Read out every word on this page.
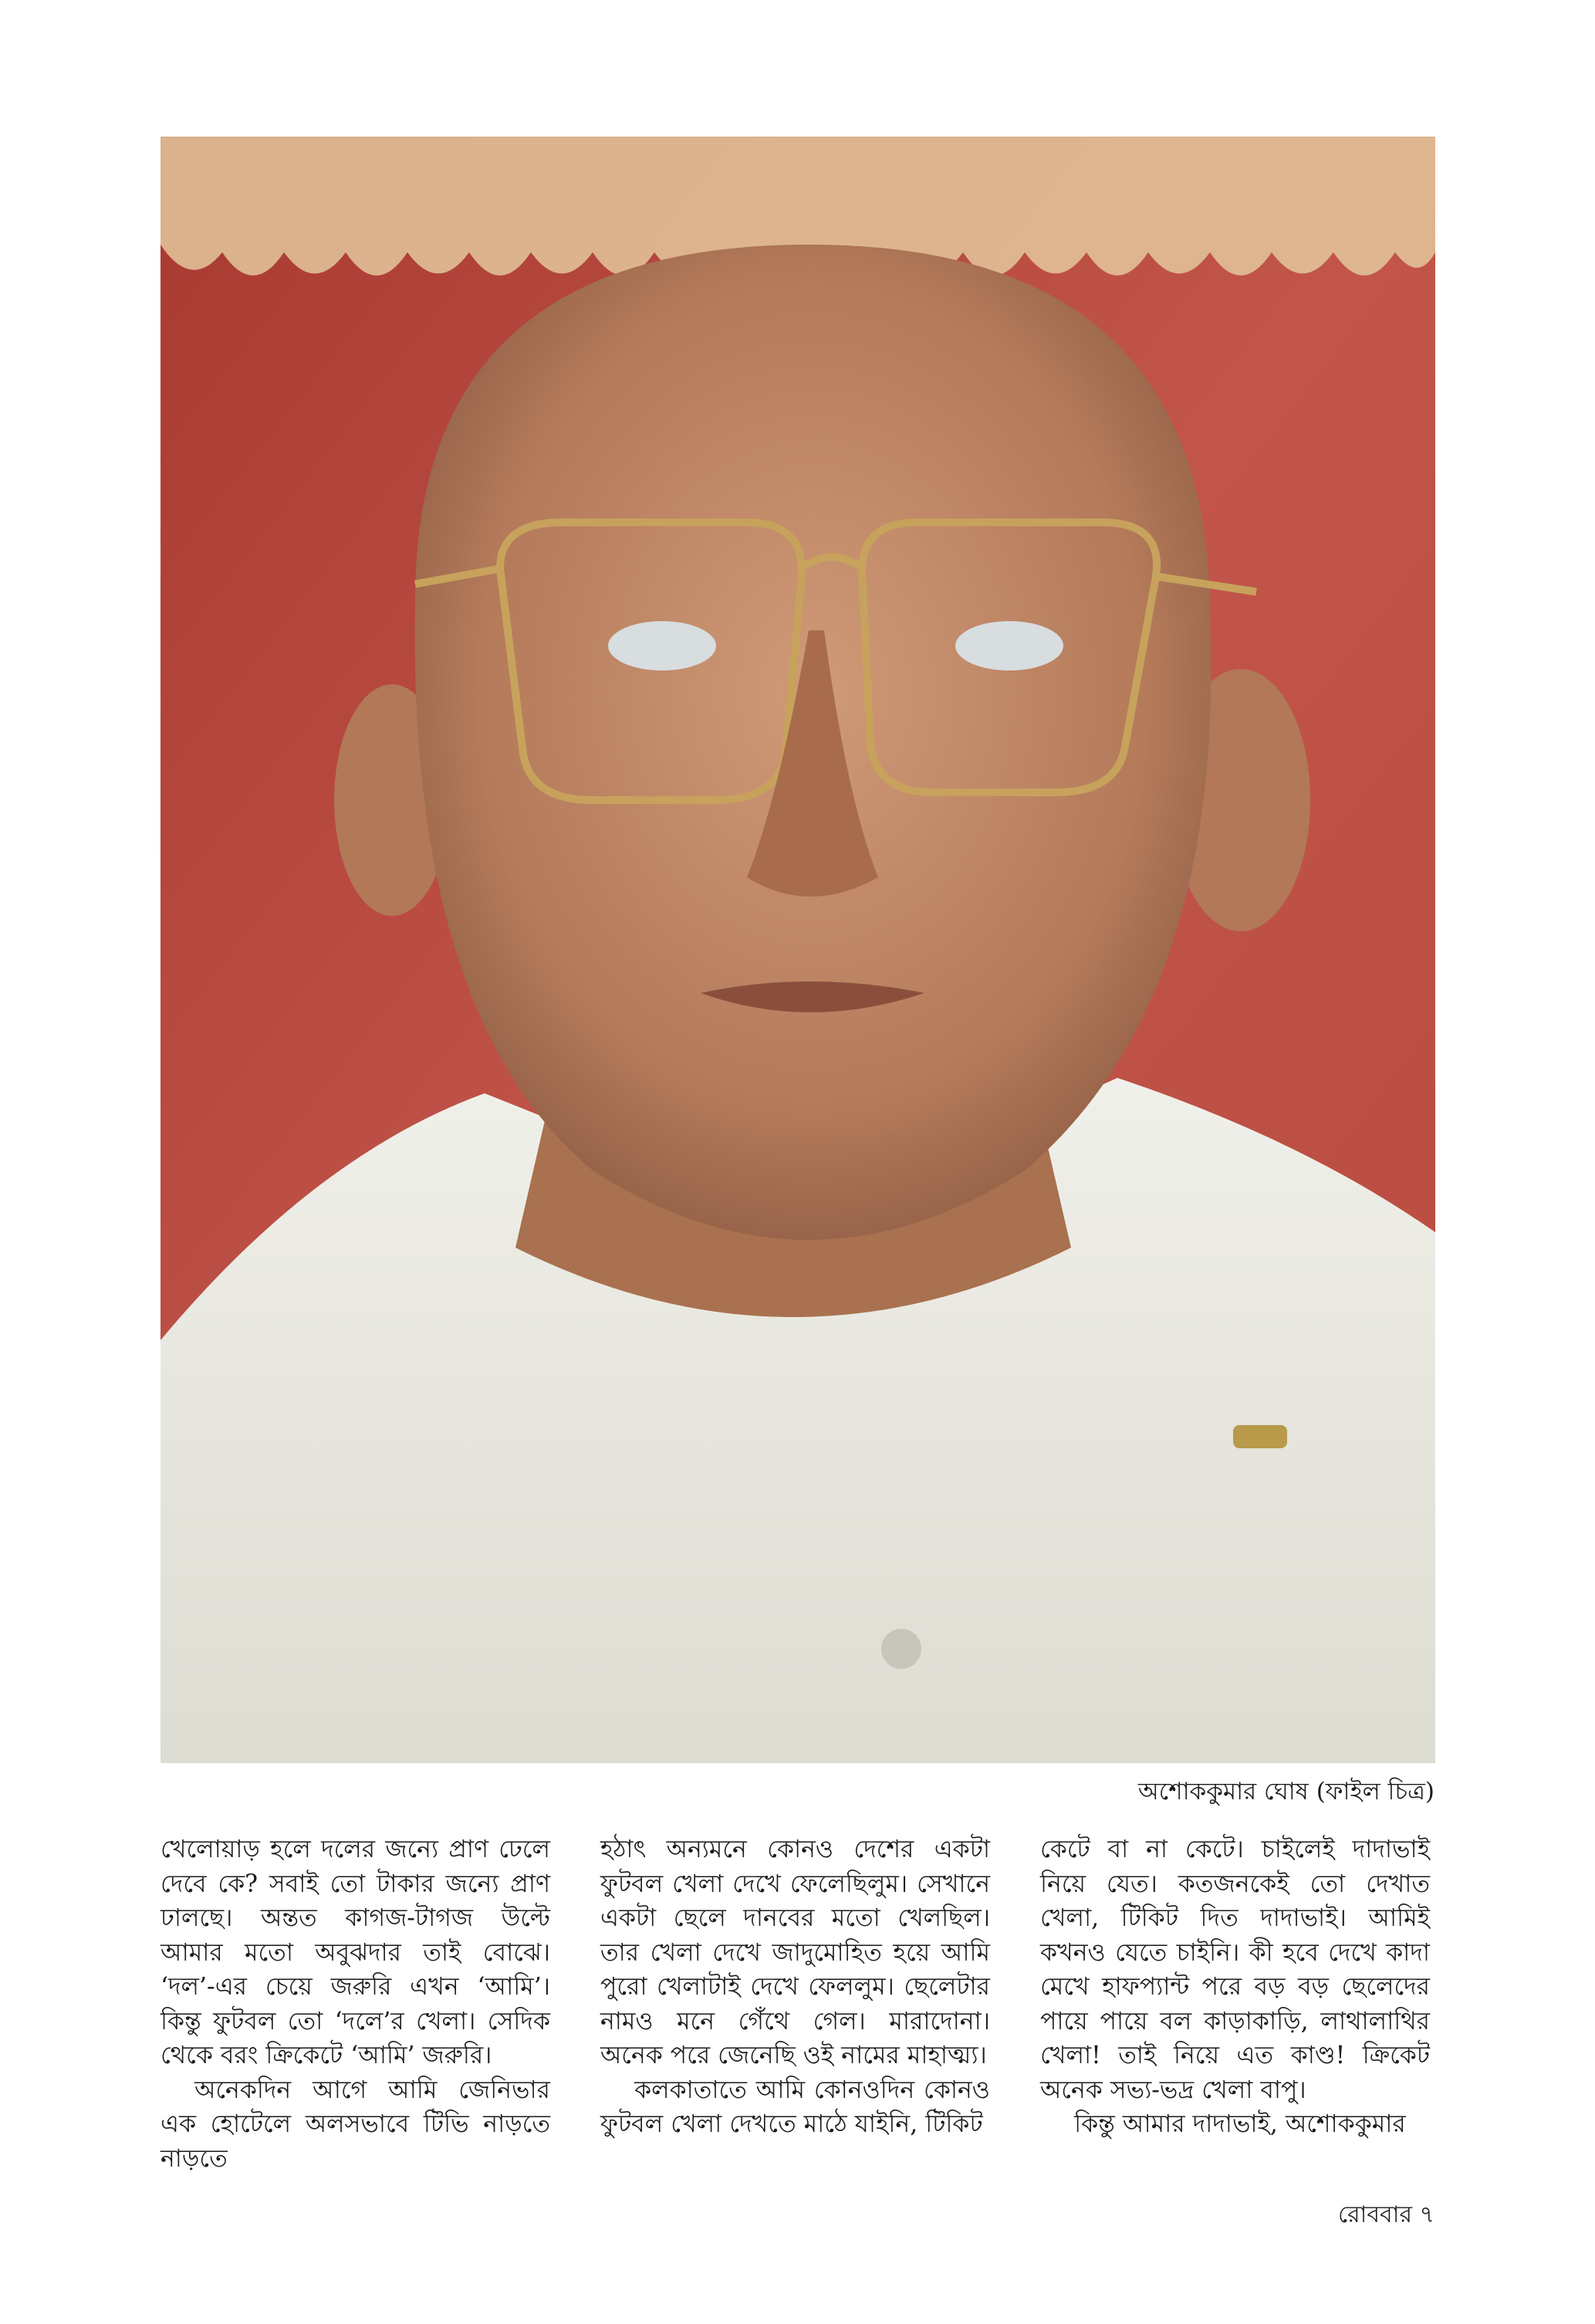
অশোককুমার ঘোষ (ফাইল চিত্র)

খেলোয়াড় হলে দলের জন্যে প্রাণ ঢেলে দেবে কে? সবাই তো টাকার জন্যে প্রাণ ঢালছে। অন্তত কাগজ-টাগজ উল্টে আমার মতো অবুঝদার তাই বোঝে। ‘দল’-এর চেয়ে জরুরি এখন ‘আমি’। কিন্তু ফুটবল তো ‘দলে’র খেলা। সেদিক থেকে বরং ক্রিকেটে ‘আমি’ জরুরি।

অনেকদিন আগে আমি জেনিভার এক হোটেলে অলসভাবে টিভি নাড়তে নাড়তে

হঠাৎ অন্যমনে কোনও দেশের একটা ফুটবল খেলা দেখে ফেলেছিলুম। সেখানে একটা ছেলে দানবের মতো খেলছিল। তার খেলা দেখে জাদুমোহিত হয়ে আমি পুরো খেলাটাই দেখে ফেললুম। ছেলেটার নামও মনে গেঁথে গেল। মারাদোনা। অনেক পরে জেনেছি ওই নামের মাহাত্ম্য।

কলকাতাতে আমি কোনওদিন কোনও ফুটবল খেলা দেখতে মাঠে যাইনি, টিকিট

কেটে বা না কেটে। চাইলেই দাদাভাই নিয়ে যেত। কতজনকেই তো দেখাত খেলা, টিকিট দিত দাদাভাই। আমিই কখনও যেতে চাইনি। কী হবে দেখে কাদা মেখে হাফপ্যান্ট পরে বড় বড় ছেলেদের পায়ে পায়ে বল কাড়াকাড়ি, লাথালাথির খেলা! তাই নিয়ে এত কাণ্ড! ক্রিকেট অনেক সভ্য-ভদ্র খেলা বাপু।

কিন্তু আমার দাদাভাই, অশোককুমার

রোববার ৭
